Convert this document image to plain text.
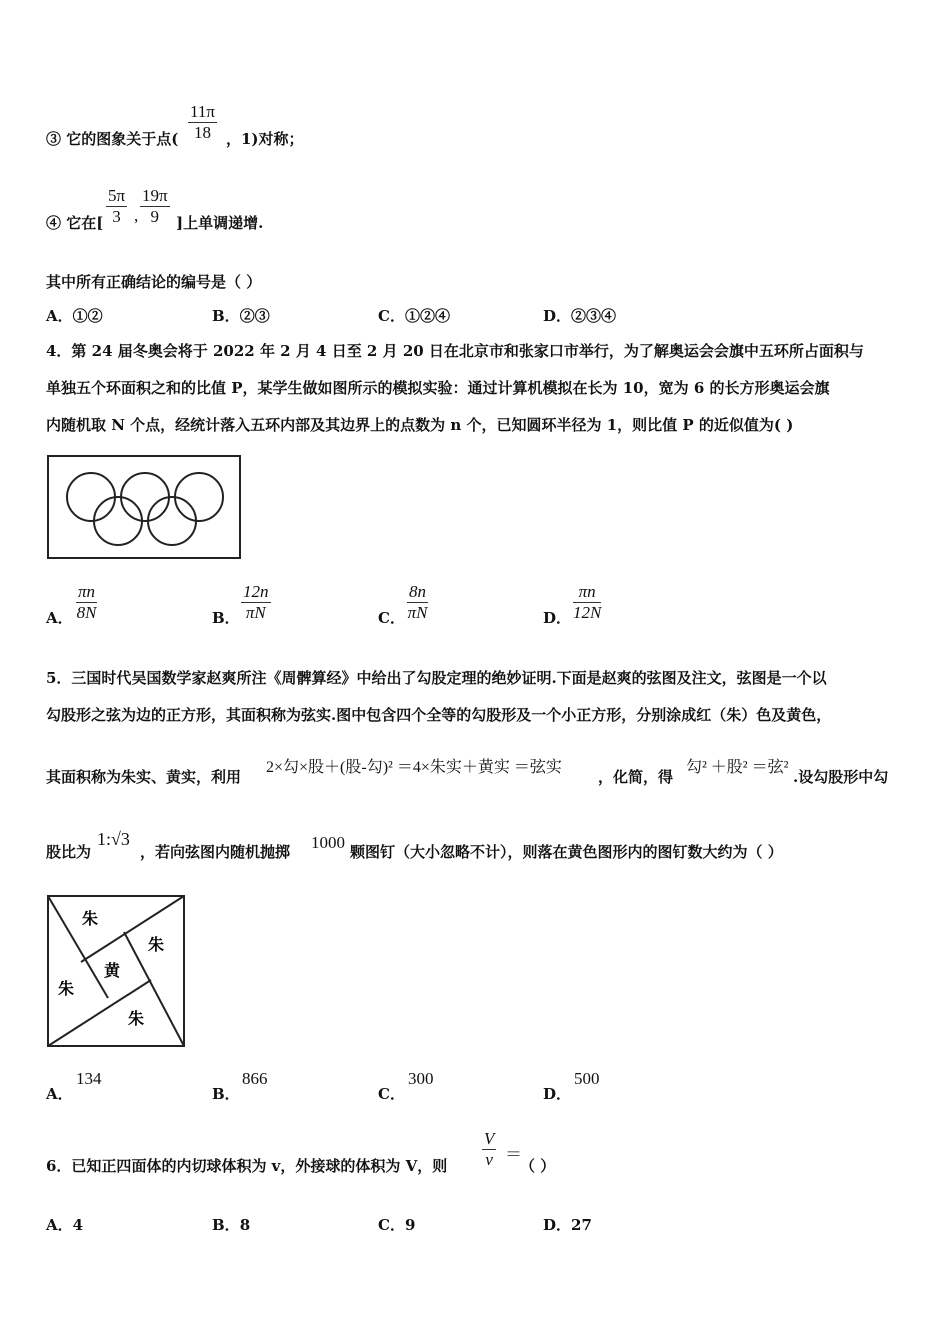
③ 它的图象关于点( $\frac{11\pi}{18}$ ，1)对称；
④ 它在[ $\frac{5\pi}{3}$ , $\frac{19\pi}{9}$ ]上单调递增.
其中所有正确结论的编号是（ ）
A．①②	B．②③	C．①②④	D．②③④
4．第 24 届冬奥会将于 2022 年 2 月 4 日至 2 月 20 日在北京市和张家口市举行，为了解奥运会会旗中五环所占面积与
单独五个环面积之和的比值 P，某学生做如图所示的模拟实验：通过计算机模拟在长为 10，宽为 6 的长方形奥运会旗
内随机取 N 个点，经统计落入五环内部及其边界上的点数为 n 个，已知圆环半径为 1，则比值 P 的近似值为( )
A． $\frac{\pi n}{8N}$	B． $\frac{12n}{\pi N}$	C． $\frac{8n}{\pi N}$	D． $\frac{\pi n}{12N}$
5．三国时代吴国数学家赵爽所注《周髀算经》中给出了勾股定理的绝妙证明.下面是赵爽的弦图及注文，弦图是一个以
勾股形之弦为边的正方形，其面积称为弦实.图中包含四个全等的勾股形及一个小正方形，分别涂成红（朱）色及黄色，
其面积称为朱实、黄实，利用
2×勾×股＋(股-勾)² ＝4×朱实＋黄实 ＝弦实
，化简，得
勾² ＋股² ＝弦²
.设勾股形中勾
股比为
1:√3
，若向弦图内随机抛掷 1000 颗图钉（大小忽略不计），则落在黄色图形内的图钉数大约为（ ）
朱
朱
朱
朱
黄
A．
134
B．
866
C．
300
D．
500
6．已知正四面体的内切球体积为 v，外接球的体积为 V，则 $\frac{V}{v}$ ＝
（ ）
A．4	B．8	C．9	D．27
